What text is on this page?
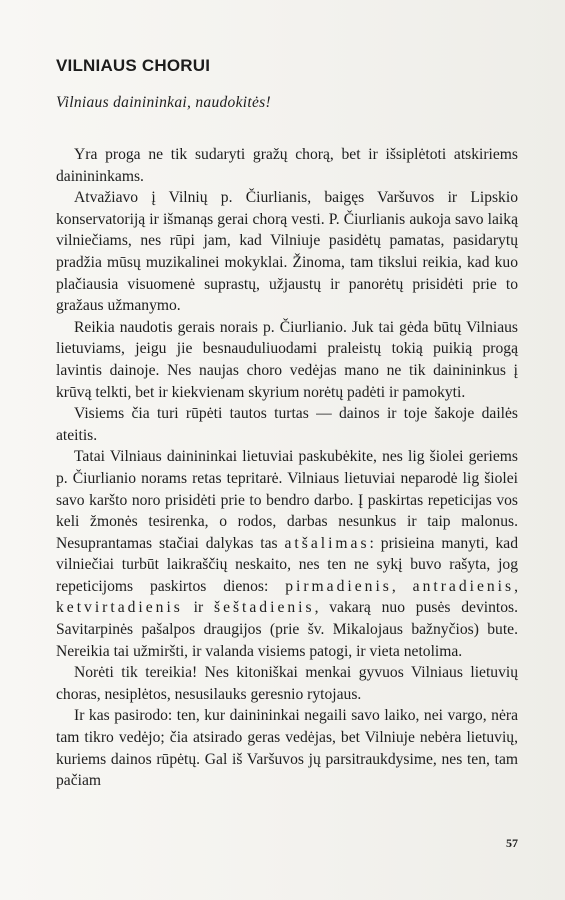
VILNIAUS CHORUI

Vilniaus dainininkai, naudokitės!

Yra proga ne tik sudaryti gražų chorą, bet ir išsiplėtoti atskiriems dainininkams.

Atvažiavo į Vilnių p. Čiurlianis, baigęs Varšuvos ir Lipskio konservatoriją ir išmanąs gerai chorą vesti. P. Čiurlianis aukoja savo laiką vilniečiams, nes rūpi jam, kad Vilniuje pasidėtų pamatas, pasidarytų pradžia mūsų muzikalinei mokyklai. Žinoma, tam tikslui reikia, kad kuo plačiausia visuomenė suprastų, užjaustų ir panorėtų prisidėti prie to gražaus užmanymo.

Reikia naudotis gerais norais p. Čiurlianio. Juk tai gėda būtų Vilniaus lietuviams, jeigu jie besnauduliuodami praleistų tokią puikią progą lavintis dainoje. Nes naujas choro vedėjas mano ne tik dainininkus į krūvą telkti, bet ir kiekvienam skyrium norėtų padėti ir pamokyti.

Visiems čia turi rūpėti tautos turtas — dainos ir toje šakoje dailės ateitis.

Tatai Vilniaus dainininkai lietuviai paskubėkite, nes lig šiolei geriems p. Čiurlianio norams retas tepritarė. Vilniaus lietuviai neparodė lig šiolei savo karšto noro prisidėti prie to bendro darbo. Į paskirtas repeticijas vos keli žmonės tesirenka, o rodos, darbas nesunkus ir taip malonus. Nesuprantamas stačiai dalykas tas atšalimas: prisieina manyti, kad vilniečiai turbūt laikraščių neskaito, nes ten ne sykį buvo rašyta, jog repeticijoms paskirtos dienos: pirmadienis, antradienis, ketvirtadienis ir šeštadienis, vakarą nuo pusės devintos. Savitarpinės pašalpos draugijos (prie šv. Mikalojaus bažnyčios) bute. Nereikia tai užmiršti, ir valanda visiems patogi, ir vieta netolima.

Norėti tik tereikia! Nes kitoniškai menkai gyvuos Vilniaus lietuvių choras, nesiplėtos, nesusilauks geresnio rytojaus.

Ir kas pasirodo: ten, kur dainininkai negaili savo laiko, nei vargo, nėra tam tikro vedėjo; čia atsirado geras vedėjas, bet Vilniuje nebėra lietuvių, kuriems dainos rūpėtų. Gal iš Varšuvos jų parsitraukdysime, nes ten, tam pačiam

57
